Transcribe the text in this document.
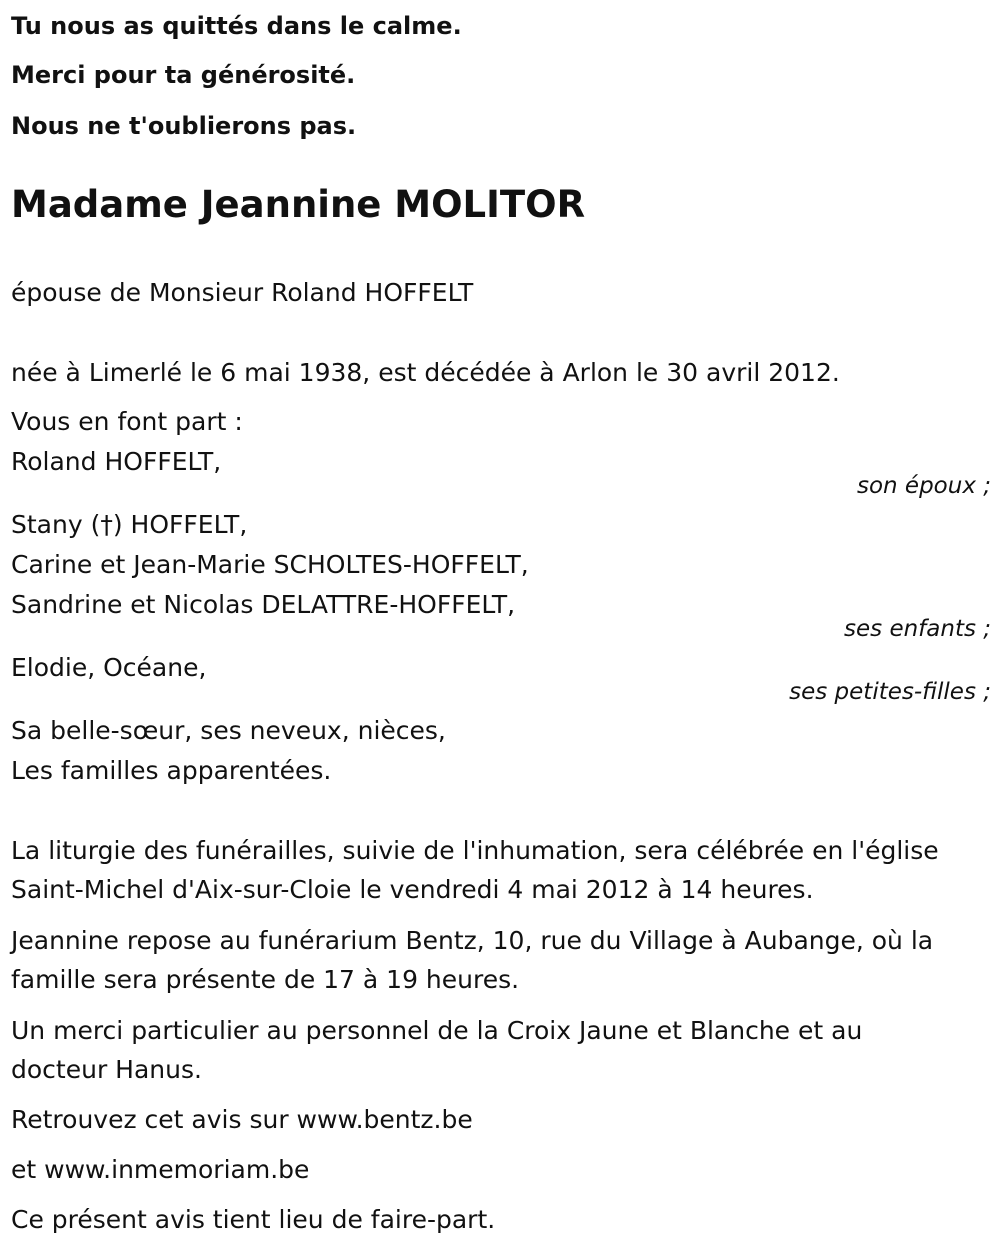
Tu nous as quittés dans le calme.
Merci pour ta générosité.
Nous ne t'oublierons pas.
Madame Jeannine MOLITOR
épouse de Monsieur Roland HOFFELT
née à Limerlé le 6 mai 1938, est décédée à Arlon le 30 avril 2012.
Vous en font part :
Roland HOFFELT,
son époux ;
Stany (†) HOFFELT,
Carine et Jean-Marie SCHOLTES-HOFFELT,
Sandrine et Nicolas DELATTRE-HOFFELT,
ses enfants ;
Elodie, Océane,
ses petites-filles ;
Sa belle-sœur, ses neveux, nièces,
Les familles apparentées.
La liturgie des funérailles, suivie de l'inhumation, sera célébrée en l'église
Saint-Michel d'Aix-sur-Cloie le vendredi 4 mai 2012 à 14 heures.
Jeannine repose au funérarium Bentz, 10, rue du Village à Aubange, où la
famille sera présente de 17 à 19 heures.
Un merci particulier au personnel de la Croix Jaune et Blanche et au
docteur Hanus.
Retrouvez cet avis sur www.bentz.be
et www.inmemoriam.be
Ce présent avis tient lieu de faire-part.
